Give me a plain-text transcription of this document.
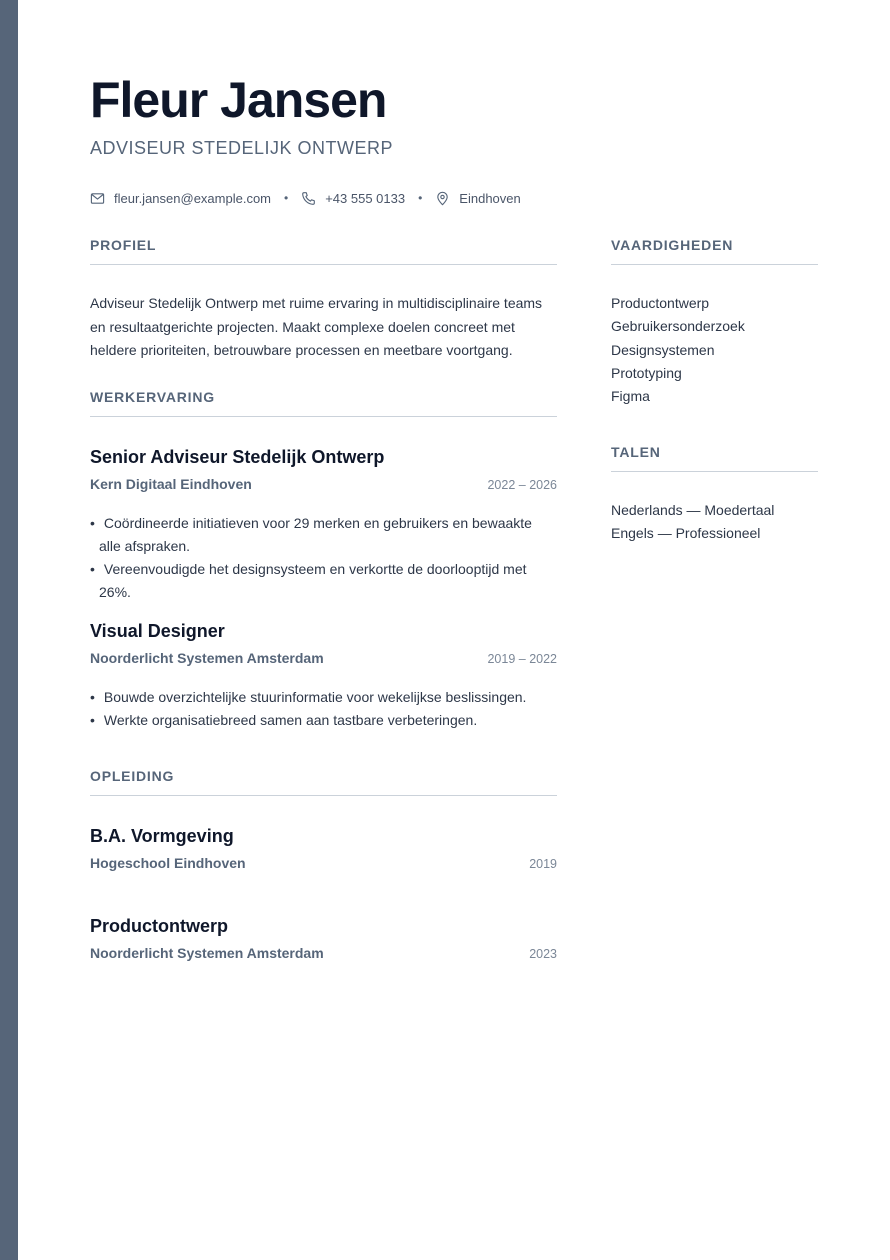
Fleur Jansen
ADVISEUR STEDELIJK ONTWERP
fleur.jansen@example.com •	+43 555 0133 •	Eindhoven
PROFIEL

Adviseur Stedelijk Ontwerp met ruime ervaring in multidisciplinaire teams en resultaatgerichte projecten. Maakt complexe doelen concreet met heldere prioriteiten, betrouwbare processen en meetbare voortgang.

WERKERVARING
Senior Adviseur Stedelijk Ontwerp
Kern Digitaal Eindhoven	2022 – 2026
• Coördineerde initiatieven voor 29 merken en gebruikers en bewaakte alle afspraken.
• Vereenvoudigde het designsysteem en verkortte de doorlooptijd met 26%.
Visual Designer
Noorderlicht Systemen Amsterdam	2019 – 2022
• Bouwde overzichtelijke stuurinformatie voor wekelijkse beslissingen.
• Werkte organisatiebreed samen aan tastbare verbeteringen.
OPLEIDING
B.A. Vormgeving
Hogeschool Eindhoven	2019
Productontwerp
Noorderlicht Systemen Amsterdam	2023
VAARDIGHEDEN
Productontwerp
Gebruikersonderzoek
Designsystemen
Prototyping
Figma
TALEN
Nederlands — Moedertaal
Engels — Professioneel
